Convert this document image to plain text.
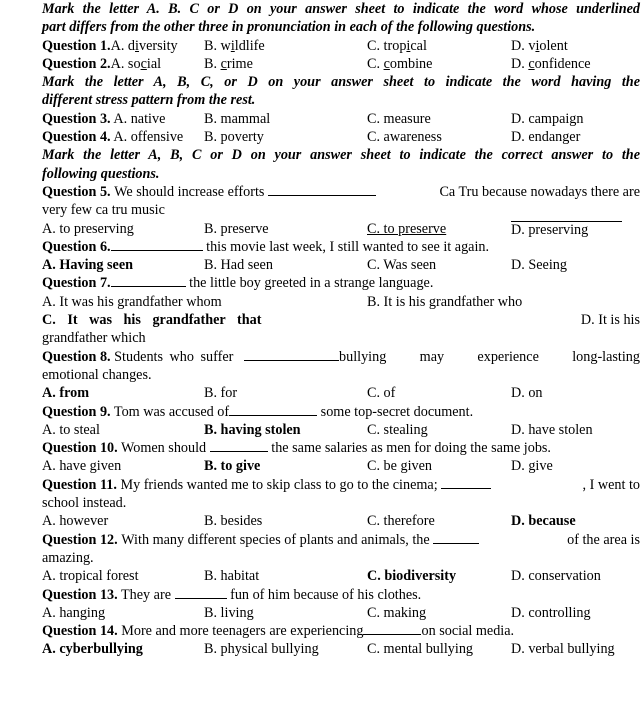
Mark the letter A. B. C or D on your answer sheet to indicate the word whose underlined
part differs from the other three in pronunciation in each of the following questions.
Question 1.A. diversity B. wildlife	C. tropical	D. violent
Question 2.A. social	B. crime	C. combine	D. confidence
Mark the letter A, B, C, or D on your answer sheet to indicate the word having the
different stress pattern from the rest.
Question 3. A. native	B. mammal	C. measure	D. campaign
Question 4. A. offensive B. poverty	C. awareness	D. endanger
Mark the letter A, B, C or D on your answer sheet to indicate the correct answer to the
following questions.
Question 5.
We should increase efforts

	Ca Tru because nowadays there are
very few ca tru music
A. to preserving	B. preserve	C. to preserve	D. preserving
Question 6.	this movie last week, I still wanted to see it again.
A. Having seen	B. Had seen	C. Was seen	D. Seeing
Question 7.	the little boy greeted in a strange language.
A. It was his grandfather whom	B. It is his grandfather who
C. It was his grandfather that	D. It is his
grandfather which
Question 8.
Students who suffer
	bullying may experience long-lasting
emotional changes.
A. from	B. for	C. of	D. on
Question 9. Tom was accused of	some top-secret document.
A. to steal	B. having stolen	C. stealing	D. have stolen
Question 10. Women should	the same salaries as men for doing the same jobs.
A. have given	B. to give	C. be given	D. give
Question 11.
My friends wanted me to skip class to go to the cinema;
	, I went to
school instead.
A. however	B. besides	C. therefore	D. because
Question 12.
With many different species of plants and animals, the
	of the area is
amazing.
A. tropical forest	B. habitat	C. biodiversity	D. conservation
Question 13. They are	fun of him because of his clothes.
A. hanging	B. living	C. making	D. controlling
Question 14. More and more teenagers are experiencing	on social media.
A. cyberbullying	B. physical bullying	C. mental bullying	D. verbal bullying
